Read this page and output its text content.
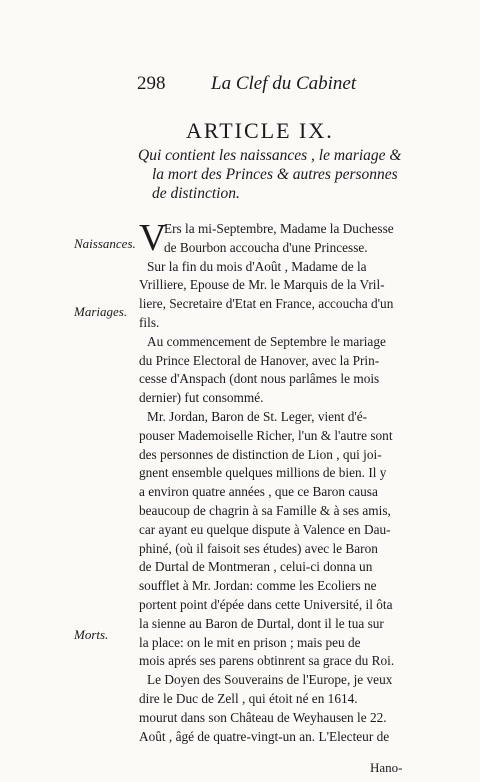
298 La Clef du Cabinet
ARTICLE IX.
Qui contient les naissances , le mariage &
la mort des Princes & autres personnes
de distinction.
Naissances.
Mariages.
Morts.
V
Ers la mi-Septembre, Madame la Duchesse
de Bourbon accoucha d'une Princesse.
Sur la fin du mois d'Août , Madame de la
Vrilliere, Epouse de Mr. le Marquis de la Vril-
liere, Secretaire d'Etat en France, accoucha d'un
fils.
Au commencement de Septembre le mariage
du Prince Electoral de Hanover, avec la Prin-
cesse d'Anspach (dont nous parlâmes le mois
dernier) fut consommé.
Mr. Jordan, Baron de St. Leger, vient d'é-
pouser Mademoiselle Richer, l'un & l'autre sont
des personnes de distinction de Lion , qui joi-
gnent ensemble quelques millions de bien. Il y
a environ quatre années , que ce Baron causa
beaucoup de chagrin à sa Famille & à ses amis,
car ayant eu quelque dispute à Valence en Dau-
phiné, (où il faisoit ses études) avec le Baron
de Durtal de Montmeran , celui-ci donna un
soufflet à Mr. Jordan: comme les Ecoliers ne
portent point d'épée dans cette Université, il ôta
la sienne au Baron de Durtal, dont il le tua sur
la place: on le mit en prison ; mais peu de
mois aprés ses parens obtinrent sa grace du Roi.
Le Doyen des Souverains de l'Europe, je veux
dire le Duc de Zell , qui étoit né en 1614.
mourut dans son Château de Weyhausen le 22.
Août , âgé de quatre-vingt-un an. L'Electeur de
Hano-
